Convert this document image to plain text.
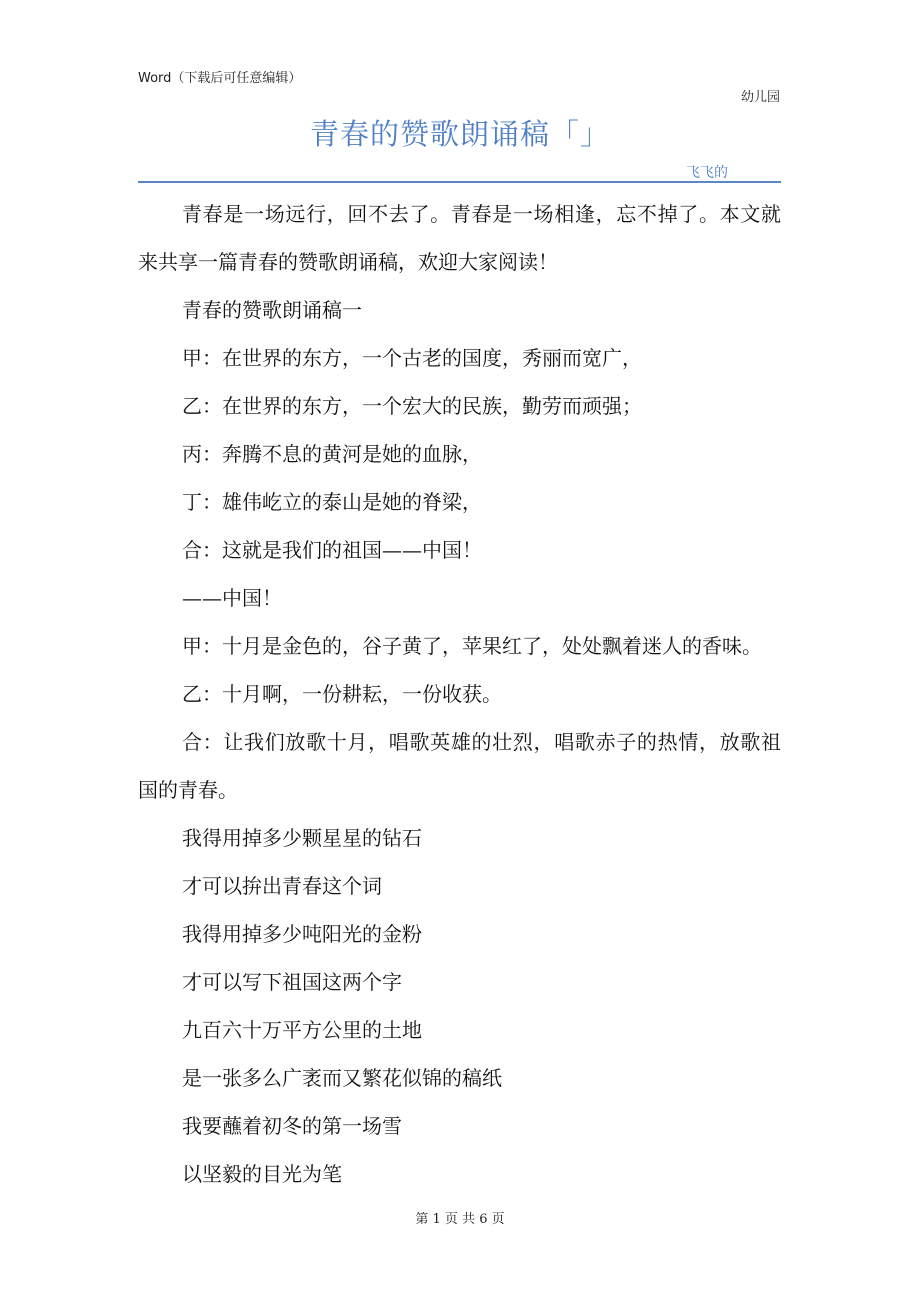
Word（下载后可任意编辑）
幼儿园
青春的赞歌朗诵稿「」
飞飞的

青春是一场远行，回不去了。青春是一场相逢，忘不掉了。本文就来共享一篇青春的赞歌朗诵稿，欢迎大家阅读！

青春的赞歌朗诵稿一

甲：在世界的东方，一个古老的国度，秀丽而宽广，

乙：在世界的东方，一个宏大的民族，勤劳而顽强；

丙：奔腾不息的黄河是她的血脉，

丁：雄伟屹立的泰山是她的脊梁，

合：这就是我们的祖国——中国！

——中国！

甲：十月是金色的，谷子黄了，苹果红了，处处飘着迷人的香味。

乙：十月啊，一份耕耘，一份收获。

合：让我们放歌十月，唱歌英雄的壮烈，唱歌赤子的热情，放歌祖国的青春。

我得用掉多少颗星星的钻石

才可以拚出青春这个词

我得用掉多少吨阳光的金粉

才可以写下祖国这两个字

九百六十万平方公里的土地

是一张多么广袤而又繁花似锦的稿纸

我要蘸着初冬的第一场雪

以坚毅的目光为笔

第 1 页 共 6 页
